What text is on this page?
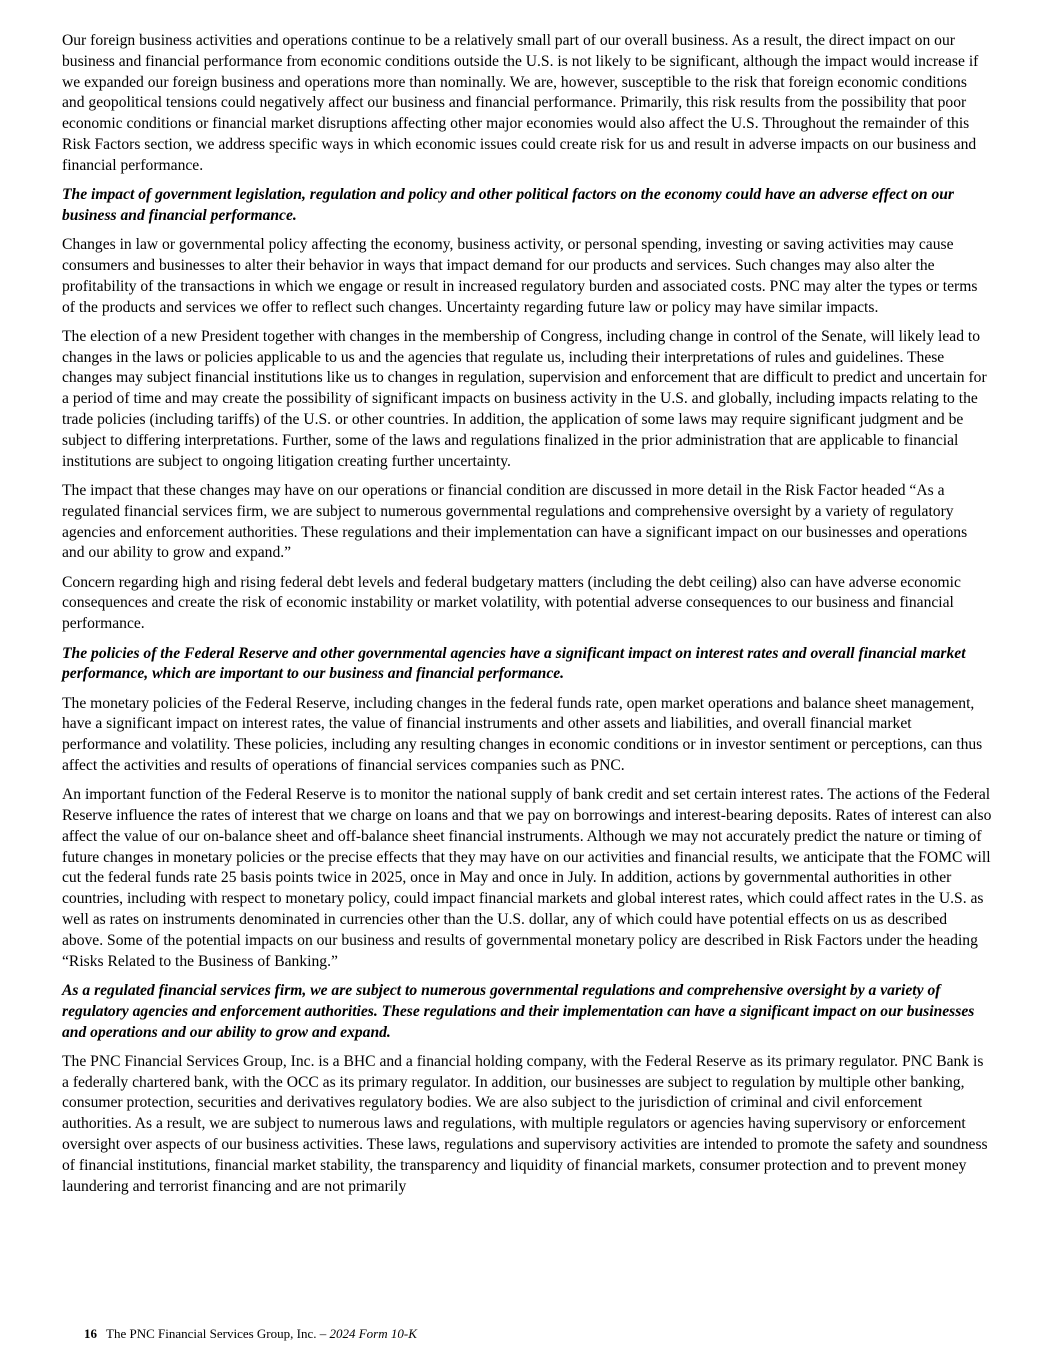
Our foreign business activities and operations continue to be a relatively small part of our overall business. As a result, the direct impact on our business and financial performance from economic conditions outside the U.S. is not likely to be significant, although the impact would increase if we expanded our foreign business and operations more than nominally. We are, however, susceptible to the risk that foreign economic conditions and geopolitical tensions could negatively affect our business and financial performance. Primarily, this risk results from the possibility that poor economic conditions or financial market disruptions affecting other major economies would also affect the U.S. Throughout the remainder of this Risk Factors section, we address specific ways in which economic issues could create risk for us and result in adverse impacts on our business and financial performance.

The impact of government legislation, regulation and policy and other political factors on the economy could have an adverse effect on our business and financial performance.

Changes in law or governmental policy affecting the economy, business activity, or personal spending, investing or saving activities may cause consumers and businesses to alter their behavior in ways that impact demand for our products and services. Such changes may also alter the profitability of the transactions in which we engage or result in increased regulatory burden and associated costs. PNC may alter the types or terms of the products and services we offer to reflect such changes. Uncertainty regarding future law or policy may have similar impacts.

The election of a new President together with changes in the membership of Congress, including change in control of the Senate, will likely lead to changes in the laws or policies applicable to us and the agencies that regulate us, including their interpretations of rules and guidelines. These changes may subject financial institutions like us to changes in regulation, supervision and enforcement that are difficult to predict and uncertain for a period of time and may create the possibility of significant impacts on business activity in the U.S. and globally, including impacts relating to the trade policies (including tariffs) of the U.S. or other countries. In addition, the application of some laws may require significant judgment and be subject to differing interpretations. Further, some of the laws and regulations finalized in the prior administration that are applicable to financial institutions are subject to ongoing litigation creating further uncertainty.

The impact that these changes may have on our operations or financial condition are discussed in more detail in the Risk Factor headed “As a regulated financial services firm, we are subject to numerous governmental regulations and comprehensive oversight by a variety of regulatory agencies and enforcement authorities. These regulations and their implementation can have a significant impact on our businesses and operations and our ability to grow and expand.”

Concern regarding high and rising federal debt levels and federal budgetary matters (including the debt ceiling) also can have adverse economic consequences and create the risk of economic instability or market volatility, with potential adverse consequences to our business and financial performance.

The policies of the Federal Reserve and other governmental agencies have a significant impact on interest rates and overall financial market performance, which are important to our business and financial performance.

The monetary policies of the Federal Reserve, including changes in the federal funds rate, open market operations and balance sheet management, have a significant impact on interest rates, the value of financial instruments and other assets and liabilities, and overall financial market performance and volatility. These policies, including any resulting changes in economic conditions or in investor sentiment or perceptions, can thus affect the activities and results of operations of financial services companies such as PNC.

An important function of the Federal Reserve is to monitor the national supply of bank credit and set certain interest rates. The actions of the Federal Reserve influence the rates of interest that we charge on loans and that we pay on borrowings and interest-bearing deposits. Rates of interest can also affect the value of our on-balance sheet and off-balance sheet financial instruments. Although we may not accurately predict the nature or timing of future changes in monetary policies or the precise effects that they may have on our activities and financial results, we anticipate that the FOMC will cut the federal funds rate 25 basis points twice in 2025, once in May and once in July. In addition, actions by governmental authorities in other countries, including with respect to monetary policy, could impact financial markets and global interest rates, which could affect rates in the U.S. as well as rates on instruments denominated in currencies other than the U.S. dollar, any of which could have potential effects on us as described above. Some of the potential impacts on our business and results of governmental monetary policy are described in Risk Factors under the heading “Risks Related to the Business of Banking.”

As a regulated financial services firm, we are subject to numerous governmental regulations and comprehensive oversight by a variety of regulatory agencies and enforcement authorities. These regulations and their implementation can have a significant impact on our businesses and operations and our ability to grow and expand.

The PNC Financial Services Group, Inc. is a BHC and a financial holding company, with the Federal Reserve as its primary regulator. PNC Bank is a federally chartered bank, with the OCC as its primary regulator. In addition, our businesses are subject to regulation by multiple other banking, consumer protection, securities and derivatives regulatory bodies. We are also subject to the jurisdiction of criminal and civil enforcement authorities. As a result, we are subject to numerous laws and regulations, with multiple regulators or agencies having supervisory or enforcement oversight over aspects of our business activities. These laws, regulations and supervisory activities are intended to promote the safety and soundness of financial institutions, financial market stability, the transparency and liquidity of financial markets, consumer protection and to prevent money laundering and terrorist financing and are not primarily

16 The PNC Financial Services Group, Inc. – 2024 Form 10-K
